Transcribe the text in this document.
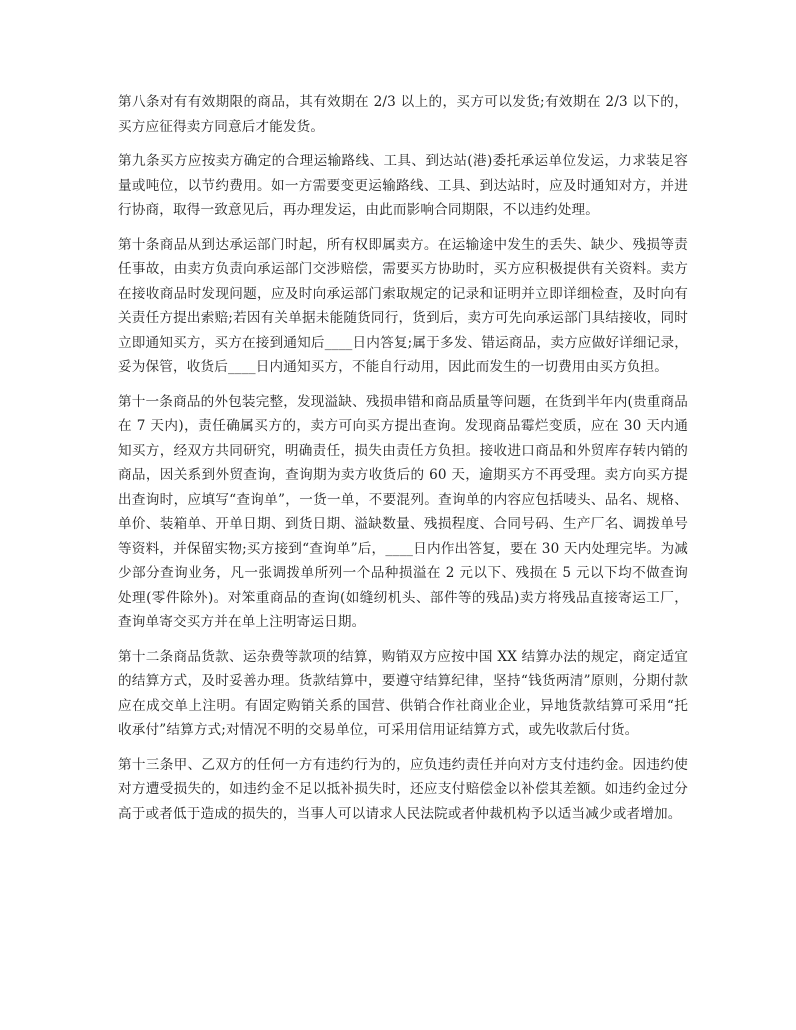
第八条对有有效期限的商品，其有效期在 2/3 以上的，买方可以发货;有效期在 2/3 以下的，买方应征得卖方同意后才能发货。

第九条买方应按卖方确定的合理运输路线、工具、到达站(港)委托承运单位发运，力求装足容量或吨位，以节约费用。如一方需要变更运输路线、工具、到达站时，应及时通知对方，并进行协商，取得一致意见后，再办理发运，由此而影响合同期限，不以违约处理。

第十条商品从到达承运部门时起，所有权即属卖方。在运输途中发生的丢失、缺少、残损等责任事故，由卖方负责向承运部门交涉赔偿，需要买方协助时，买方应积极提供有关资料。卖方在接收商品时发现问题，应及时向承运部门索取规定的记录和证明并立即详细检查，及时向有关责任方提出索赔;若因有关单据未能随货同行，货到后，卖方可先向承运部门具结接收，同时立即通知买方，买方在接到通知后____日内答复;属于多发、错运商品，卖方应做好详细记录，妥为保管，收货后____日内通知买方，不能自行动用，因此而发生的一切费用由买方负担。

第十一条商品的外包装完整，发现溢缺、残损串错和商品质量等问题，在货到半年内(贵重商品在 7 天内)，责任确属买方的，卖方可向买方提出查询。发现商品霉烂变质，应在 30 天内通知买方，经双方共同研究，明确责任，损失由责任方负担。接收进口商品和外贸库存转内销的商品，因关系到外贸查询，查询期为卖方收货后的 60 天，逾期买方不再受理。卖方向买方提出查询时，应填写“查询单”，一货一单，不要混列。查询单的内容应包括唛头、品名、规格、单价、装箱单、开单日期、到货日期、溢缺数量、残损程度、合同号码、生产厂名、调拨单号等资料，并保留实物;买方接到“查询单”后，____日内作出答复，要在 30 天内处理完毕。为减少部分查询业务，凡一张调拨单所列一个品种损溢在 2 元以下、残损在 5 元以下均不做查询处理(零件除外)。对笨重商品的查询(如缝纫机头、部件等的残品)卖方将残品直接寄运工厂，查询单寄交买方并在单上注明寄运日期。

第十二条商品货款、运杂费等款项的结算，购销双方应按中国 XX 结算办法的规定，商定适宜的结算方式，及时妥善办理。货款结算中，要遵守结算纪律，坚持“钱货两清”原则，分期付款应在成交单上注明。有固定购销关系的国营、供销合作社商业企业，异地货款结算可采用“托收承付”结算方式;对情况不明的交易单位，可采用信用证结算方式，或先收款后付货。

第十三条甲、乙双方的任何一方有违约行为的，应负违约责任并向对方支付违约金。因违约使对方遭受损失的，如违约金不足以抵补损失时，还应支付赔偿金以补偿其差额。如违约金过分高于或者低于造成的损失的，当事人可以请求人民法院或者仲裁机构予以适当减少或者增加。
